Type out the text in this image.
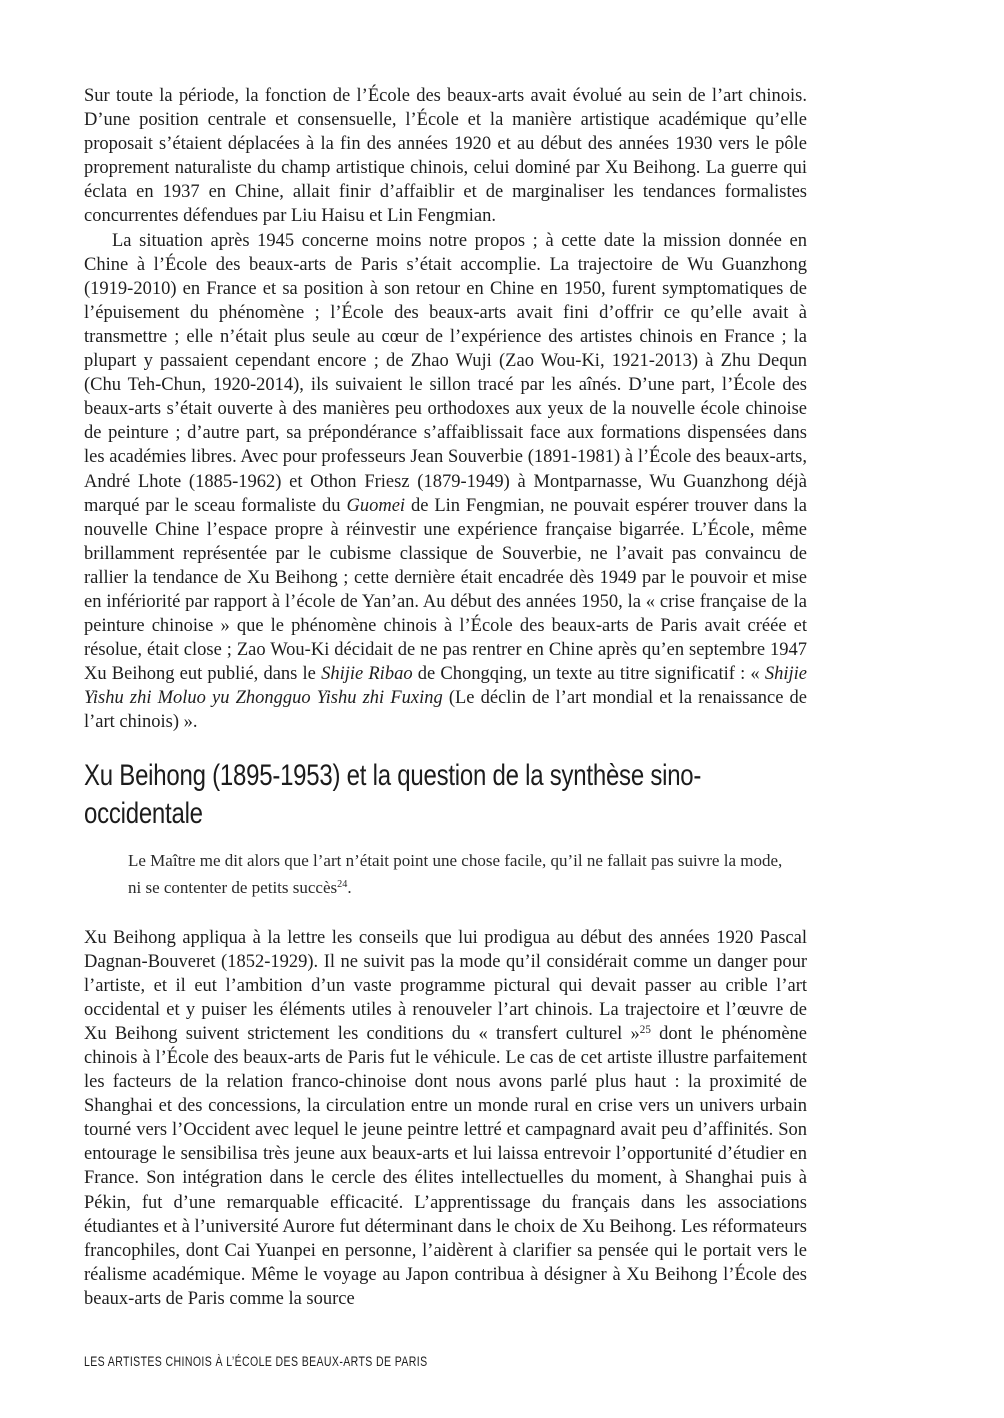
Sur toute la période, la fonction de l’École des beaux-arts avait évolué au sein de l’art chinois. D’une position centrale et consensuelle, l’École et la manière artistique académique qu’elle proposait s’étaient déplacées à la fin des années 1920 et au début des années 1930 vers le pôle proprement naturaliste du champ artistique chinois, celui dominé par Xu Beihong. La guerre qui éclata en 1937 en Chine, allait finir d’affaiblir et de marginaliser les tendances formalistes concurrentes défendues par Liu Haisu et Lin Fengmian.

La situation après 1945 concerne moins notre propos ; à cette date la mission donnée en Chine à l’École des beaux-arts de Paris s’était accomplie. La trajectoire de Wu Guanzhong (1919-2010) en France et sa position à son retour en Chine en 1950, furent symptomatiques de l’épuisement du phénomène ; l’École des beaux-arts avait fini d’offrir ce qu’elle avait à transmettre ; elle n’était plus seule au cœur de l’expérience des artistes chinois en France ; la plupart y passaient cependant encore ; de Zhao Wuji (Zao Wou-Ki, 1921-2013) à Zhu Dequn (Chu Teh-Chun, 1920-2014), ils suivaient le sillon tracé par les aînés. D’une part, l’École des beaux-arts s’était ouverte à des manières peu orthodoxes aux yeux de la nouvelle école chinoise de peinture ; d’autre part, sa prépondérance s’affaiblissait face aux formations dispensées dans les académies libres. Avec pour professeurs Jean Souverbie (1891-1981) à l’École des beaux-arts, André Lhote (1885-1962) et Othon Friesz (1879-1949) à Montparnasse, Wu Guanzhong déjà marqué par le sceau formaliste du Guomei de Lin Fengmian, ne pouvait espérer trouver dans la nouvelle Chine l’espace propre à réinvestir une expérience française bigarrée. L’École, même brillamment représentée par le cubisme classique de Souverbie, ne l’avait pas convaincu de rallier la tendance de Xu Beihong ; cette dernière était encadrée dès 1949 par le pouvoir et mise en infériorité par rapport à l’école de Yan’an. Au début des années 1950, la « crise française de la peinture chinoise » que le phénomène chinois à l’École des beaux-arts de Paris avait créée et résolue, était close ; Zao Wou-Ki décidait de ne pas rentrer en Chine après qu’en septembre 1947 Xu Beihong eut publié, dans le Shijie Ribao de Chongqing, un texte au titre significatif : « Shijie Yishu zhi Moluo yu Zhongguo Yishu zhi Fuxing (Le déclin de l’art mondial et la renaissance de l’art chinois) ».

Xu Beihong (1895-1953) et la question de la synthèse sino-occidentale
Le Maître me dit alors que l’art n’était point une chose facile, qu’il ne fallait pas suivre la mode, ni se contenter de petits succès$^{24}$.

Xu Beihong appliqua à la lettre les conseils que lui prodigua au début des années 1920 Pascal Dagnan-Bouveret (1852-1929). Il ne suivit pas la mode qu’il considérait comme un danger pour l’artiste, et il eut l’ambition d’un vaste programme pictural qui devait passer au crible l’art occidental et y puiser les éléments utiles à renouveler l’art chinois. La trajectoire et l’œuvre de Xu Beihong suivent strictement les conditions du « transfert culturel »$^{25}$ dont le phénomène chinois à l’École des beaux-arts de Paris fut le véhicule. Le cas de cet artiste illustre parfaitement les facteurs de la relation franco-chinoise dont nous avons parlé plus haut : la proximité de Shanghai et des concessions, la circulation entre un monde rural en crise vers un univers urbain tourné vers l’Occident avec lequel le jeune peintre lettré et campagnard avait peu d’affinités. Son entourage le sensibilisa très jeune aux beaux-arts et lui laissa entrevoir l’opportunité d’étudier en France. Son intégration dans le cercle des élites intellectuelles du moment, à Shanghai puis à Pékin, fut d’une remarquable efficacité. L’apprentissage du français dans les associations étudiantes et à l’université Aurore fut déterminant dans le choix de Xu Beihong. Les réformateurs francophiles, dont Cai Yuanpei en personne, l’aidèrent à clarifier sa pensée qui le portait vers le réalisme académique. Même le voyage au Japon contribua à désigner à Xu Beihong l’École des beaux-arts de Paris comme la source

LES ARTISTES CHINOIS À L’ÉCOLE DES BEAUX-ARTS DE PARIS
